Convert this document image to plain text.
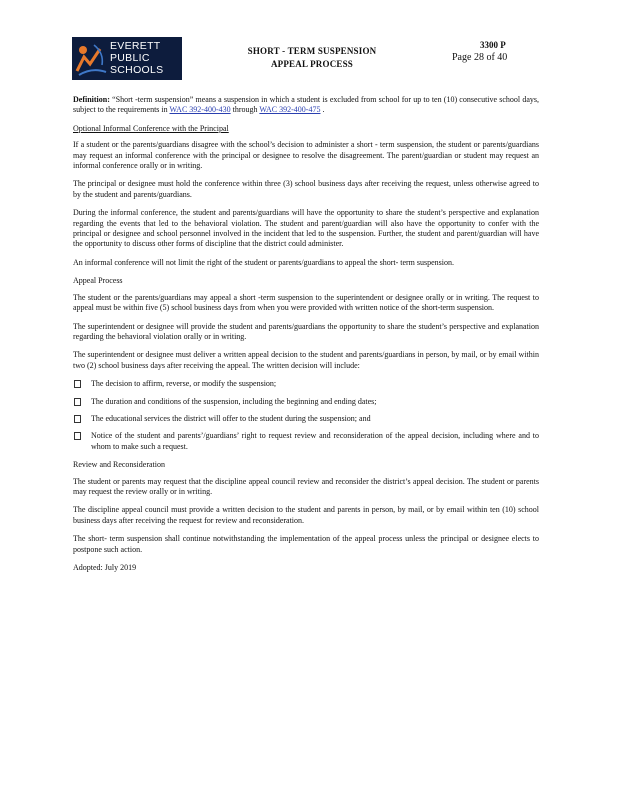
EVERETT
PUBLIC
SCHOOLS
SHORT - TERM SUSPENSION
APPEAL PROCESS
3300 P
Page 28 of 40

Definition: “Short -term suspension” means a suspension in which a student is excluded from school for up to ten (10) consecutive school days, subject to the requirements in WAC 392-400-430 through WAC 392-400-475 .

Optional Informal Conference with the Principal

If a student or the parents/guardians disagree with the school’s decision to administer a short - term suspension, the student or parents/guardians may request an informal conference with the principal or designee to resolve the disagreement. The parent/guardian or student may request an informal conference orally or in writing.

The principal or designee must hold the conference within three (3) school business days after receiving the request, unless otherwise agreed to by the student and parents/guardians.

During the informal conference, the student and parents/guardians will have the opportunity to share the student’s perspective and explanation regarding the events that led to the behavioral violation. The student and parent/guardian will also have the opportunity to confer with the principal or designee and school personnel involved in the incident that led to the suspension. Further, the student and parent/guardian will have the opportunity to discuss other forms of discipline that the district could administer.

An informal conference will not limit the right of the student or parents/guardians to appeal the short- term suspension.

Appeal Process

The student or the parents/guardians may appeal a short -term suspension to the superintendent or designee orally or in writing. The request to appeal must be within five (5) school business days from when you were provided with written notice of the short-term suspension.

The superintendent or designee will provide the student and parents/guardians the opportunity to share the student’s perspective and explanation regarding the behavioral violation orally or in writing.

The superintendent or designee must deliver a written appeal decision to the student and parents/guardians in person, by mail, or by email within two (2) school business days after receiving the appeal. The written decision will include:

The decision to affirm, reverse, or modify the suspension;
The duration and conditions of the suspension, including the beginning and ending dates;
The educational services the district will offer to the student during the suspension; and
Notice of the student and parents’/guardians’ right to request review and reconsideration of the appeal decision, including where and to whom to make such a request.
Review and Reconsideration

The student or parents may request that the discipline appeal council review and reconsider the district’s appeal decision. The student or parents may request the review orally or in writing.

The discipline appeal council must provide a written decision to the student and parents in person, by mail, or by email within ten (10) school business days after receiving the request for review and reconsideration.

The short- term suspension shall continue notwithstanding the implementation of the appeal process unless the principal or designee elects to postpone such action.

Adopted: July 2019
